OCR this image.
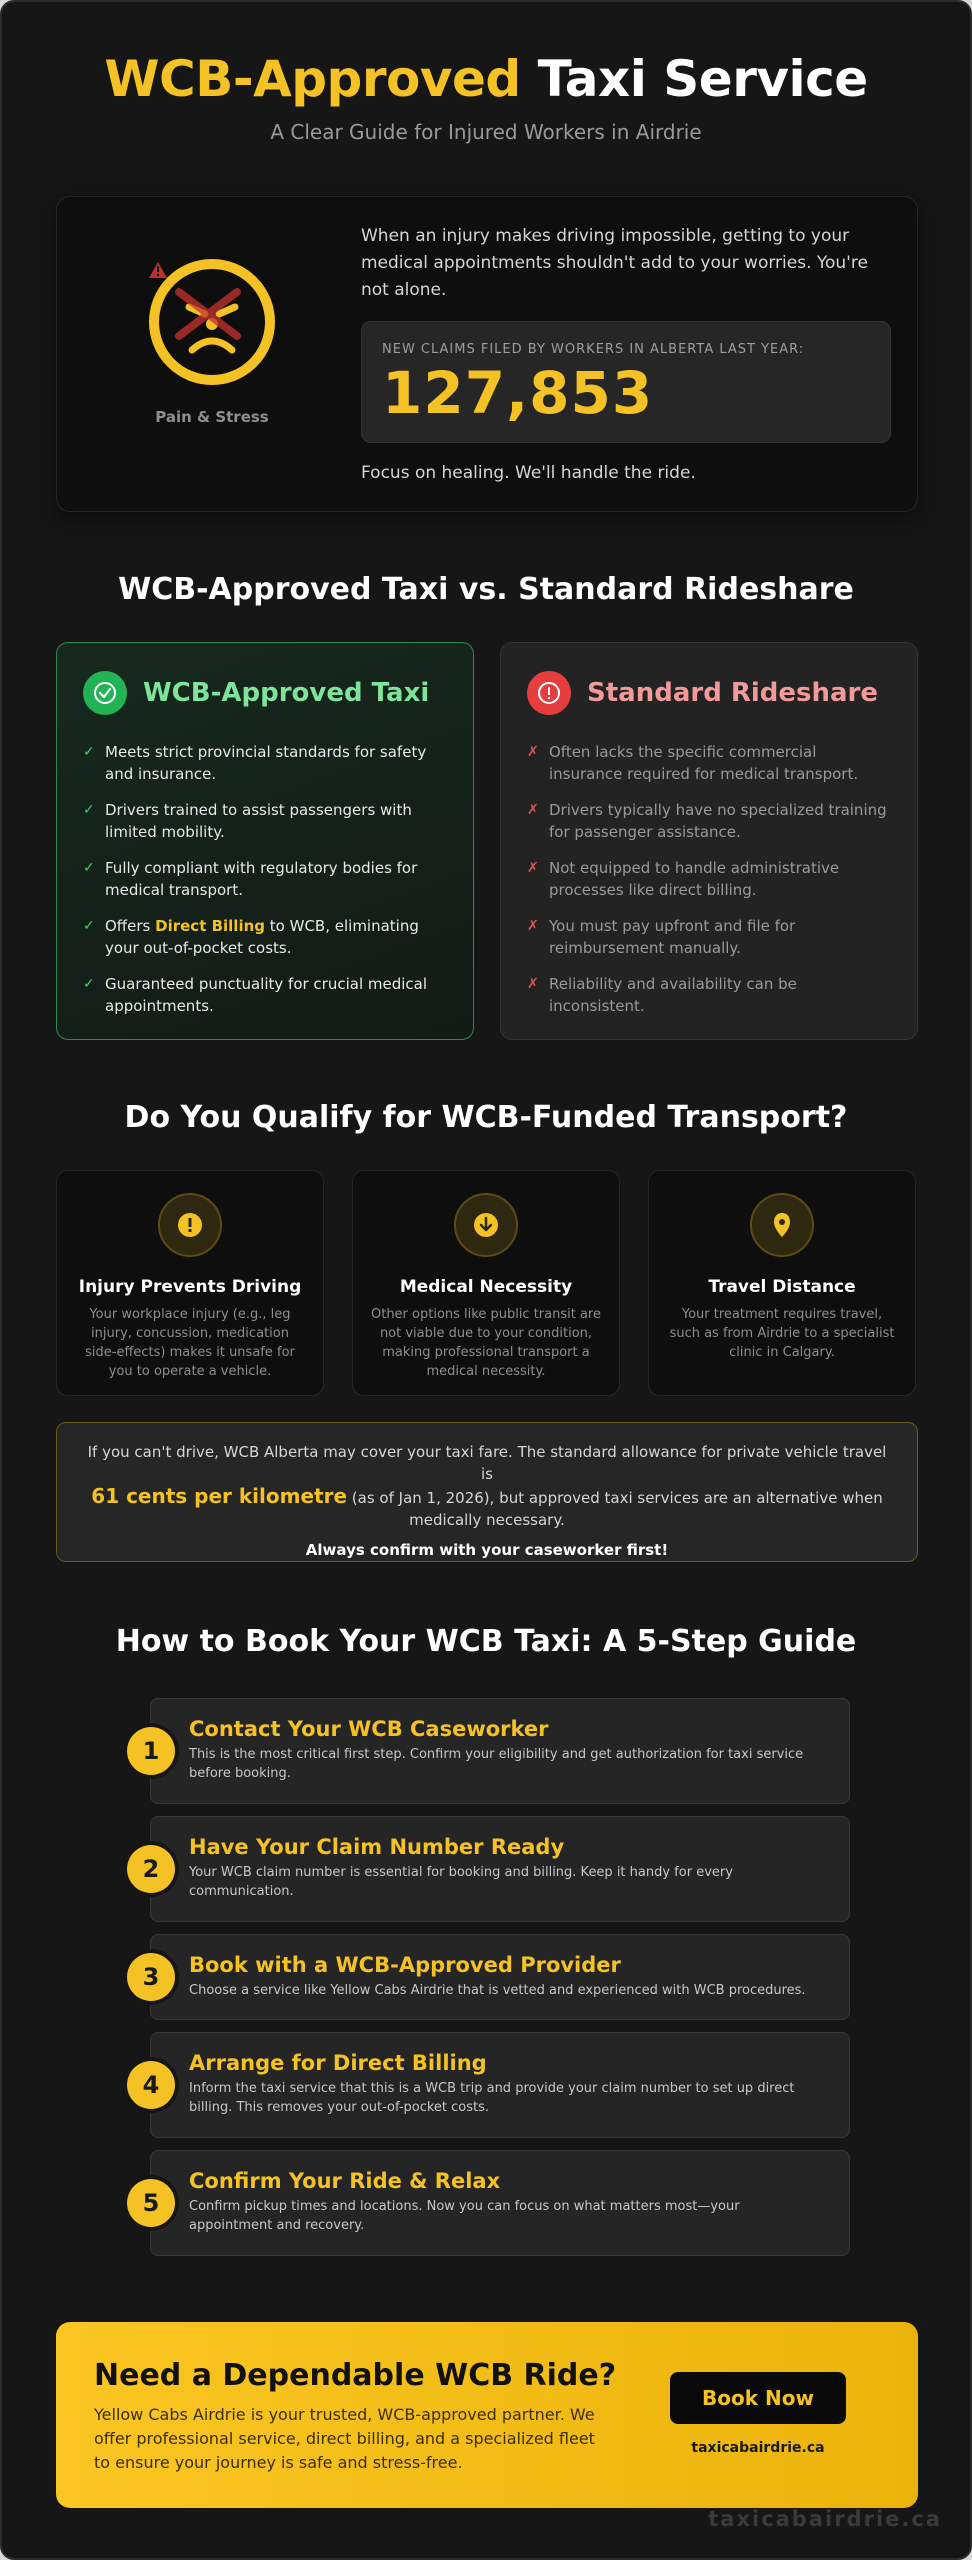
WCB-Approved Taxi Service
A Clear Guide for Injured Workers in Airdrie
Pain & Stress
When an injury makes driving impossible, getting to your medical appointments shouldn't add to your worries. You're not alone.
NEW CLAIMS FILED BY WORKERS IN ALBERTA LAST YEAR:
127,853
Focus on healing. We'll handle the ride.
WCB-Approved Taxi vs. Standard Rideshare
WCB-Approved Taxi
✓ Meets strict provincial standards for safety and insurance.
✓ Drivers trained to assist passengers with limited mobility.
✓ Fully compliant with regulatory bodies for medical transport.
✓ Offers Direct Billing to WCB, eliminating your out-of-pocket costs.
✓ Guaranteed punctuality for crucial medical appointments.
Standard Rideshare
✗ Often lacks the specific commercial insurance required for medical transport.
✗ Drivers typically have no specialized training for passenger assistance.
✗ Not equipped to handle administrative processes like direct billing.
✗ You must pay upfront and file for reimbursement manually.
✗ Reliability and availability can be inconsistent.
Do You Qualify for WCB-Funded Transport?
Injury Prevents Driving
Your workplace injury (e.g., leg injury, concussion, medication side-effects) makes it unsafe for you to operate a vehicle.
Medical Necessity
Other options like public transit are not viable due to your condition, making professional transport a medical necessity.
Travel Distance
Your treatment requires travel, such as from Airdrie to a specialist clinic in Calgary.
If you can't drive, WCB Alberta may cover your taxi fare. The standard allowance for private vehicle travel is
61 cents per kilometre (as of Jan 1, 2026), but approved taxi services are an alternative when medically necessary.
Always confirm with your caseworker first!
How to Book Your WCB Taxi: A 5-Step Guide
1
Contact Your WCB Caseworker
This is the most critical first step. Confirm your eligibility and get authorization for taxi service before booking.
2
Have Your Claim Number Ready
Your WCB claim number is essential for booking and billing. Keep it handy for every communication.
3	Book with a WCB-Approved Provider
Choose a service like Yellow Cabs Airdrie that is vetted and experienced with WCB procedures.
4
Arrange for Direct Billing
Inform the taxi service that this is a WCB trip and provide your claim number to set up direct billing. This removes your out-of-pocket costs.
5
Confirm Your Ride & Relax
Confirm pickup times and locations. Now you can focus on what matters most—your appointment and recovery.
Need a Dependable WCB Ride?
Yellow Cabs Airdrie is your trusted, WCB-approved partner. We offer professional service, direct billing, and a specialized fleet to ensure your journey is safe and stress-free.
Book Now
taxicabairdrie.ca
taxicabairdrie.ca
